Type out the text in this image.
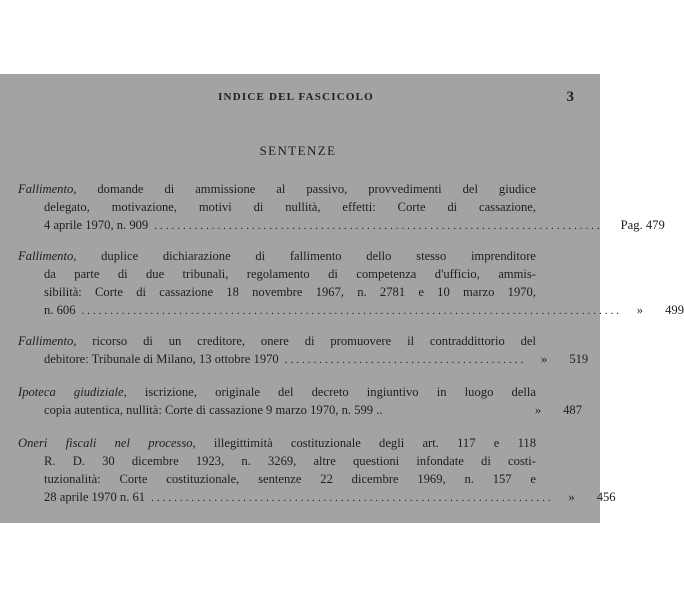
INDICE DEL FASCICOLO	3
SENTENZE
Fallimento, domande di ammissione al passivo, provvedimenti del giudice
delegato, motivazione, motivi di nullità, effetti: Corte di cassazione,
4 aprile 1970, n. 909 ..............................................................................	Pag. 479
Fallimento, duplice dichiarazione di fallimento dello stesso imprenditore
da parte di due tribunali, regolamento di competenza d'ufficio, ammis-
sibilità: Corte di cassazione 18 novembre 1967, n. 2781 e 10 marzo 1970,
n. 606 ..............................................................................................	» 499
Fallimento, ricorso di un creditore, onere di promuovere il contraddittorio del
debitore: Tribunale di Milano, 13 ottobre 1970 ..........................................	» 519
Ipoteca giudiziale, iscrizione, originale del decreto ingiuntivo in luogo della
copia autentica, nullità: Corte di cassazione 9 marzo 1970, n. 599 ..	» 487
Oneri fiscali nel processo, illegittimità costituzionale degli art. 117 e 118
R. D. 30 dicembre 1923, n. 3269, altre questioni infondate di costi-
tuzionalità: Corte costituzionale, sentenze 22 dicembre 1969, n. 157 e
28 aprile 1970 n. 61 ......................................................................	» 456
